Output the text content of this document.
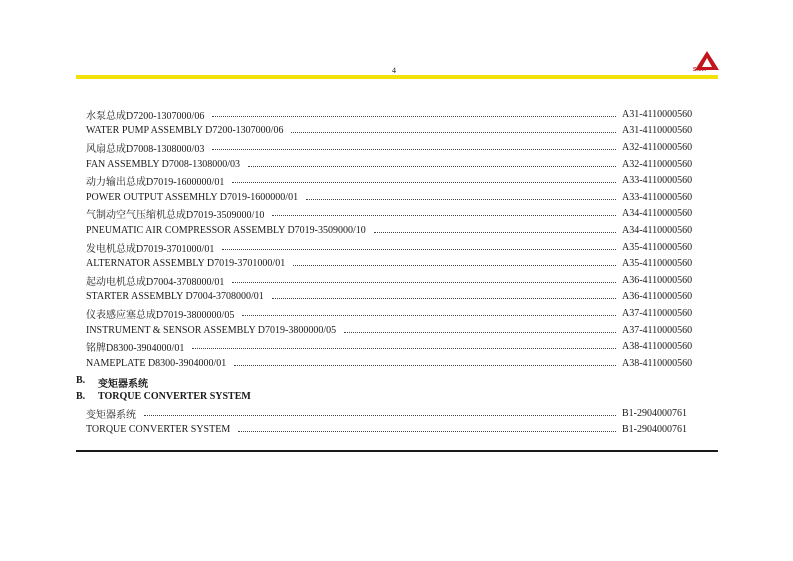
4	SANY
水泵总成D7200-1307000/06	A31-4110000560
WATER PUMP ASSEMBLY D7200-1307000/06	A31-4110000560
风扇总成D7008-1308000/03	A32-4110000560
FAN ASSEMBLY D7008-1308000/03	A32-4110000560
动力输出总成D7019-1600000/01	A33-4110000560
POWER OUTPUT ASSEMHLY D7019-1600000/01	A33-4110000560
气制动空气压缩机总成D7019-3509000/10	A34-4110000560
PNEUMATIC AIR COMPRESSOR ASSEMBLY D7019-3509000/10	A34-4110000560
发电机总成D7019-3701000/01	A35-4110000560
ALTERNATOR ASSEMBLY D7019-3701000/01	A35-4110000560
起动电机总成D7004-3708000/01	A36-4110000560
STARTER ASSEMBLY D7004-3708000/01	A36-4110000560
仪表感应塞总成D7019-3800000/05	A37-4110000560
INSTRUMENT & SENSOR ASSEMBLY D7019-3800000/05	A37-4110000560
铭牌D8300-3904000/01	A38-4110000560
NAMEPLATE D8300-3904000/01	A38-4110000560
B.	变矩器系统
B.	TORQUE CONVERTER SYSTEM
变矩器系统	B1-2904000761
TORQUE CONVERTER SYSTEM	B1-2904000761
